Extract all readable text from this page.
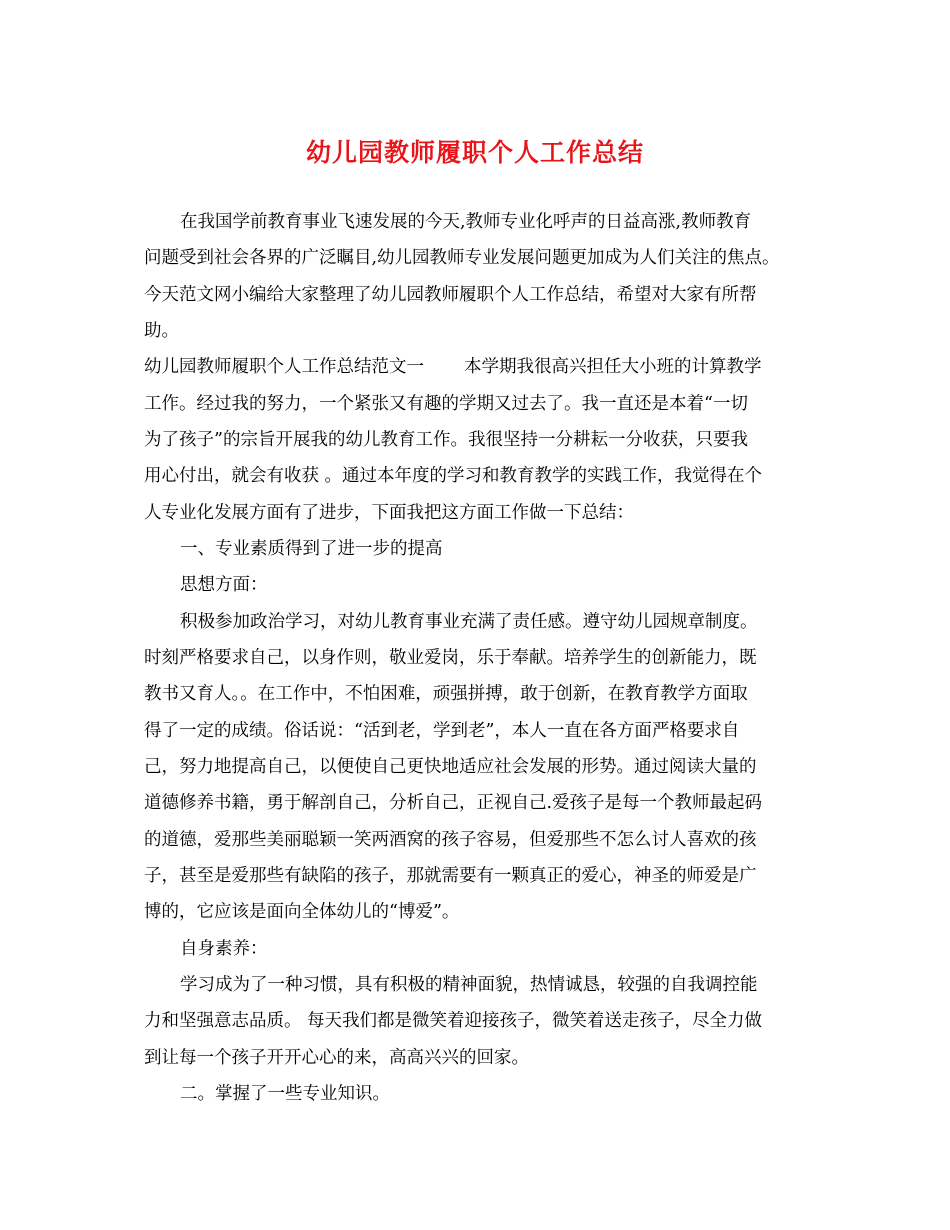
幼儿园教师履职个人工作总结
在我国学前教育事业飞速发展的今天,教师专业化呼声的日益高涨,教师教育
问题受到社会各界的广泛瞩目,幼儿园教师专业发展问题更加成为人们关注的焦点。
今天范文网小编给大家整理了幼儿园教师履职个人工作总结，希望对大家有所帮
助。
幼儿园教师履职个人工作总结范文一 本学期我很高兴担任大小班的计算教学
工作。经过我的努力，一个紧张又有趣的学期又过去了。我一直还是本着“一切
为了孩子”的宗旨开展我的幼儿教育工作。我很坚持一分耕耘一分收获，只要我
用心付出，就会有收获 。通过本年度的学习和教育教学的实践工作，我觉得在个
人专业化发展方面有了进步，下面我把这方面工作做一下总结：
一、专业素质得到了进一步的提高
思想方面：
积极参加政治学习，对幼儿教育事业充满了责任感。遵守幼儿园规章制度。
时刻严格要求自己，以身作则，敬业爱岗，乐于奉献。培养学生的创新能力，既
教书又育人。。在工作中，不怕困难，顽强拼搏，敢于创新，在教育教学方面取
得了一定的成绩。俗话说：“活到老，学到老”，本人一直在各方面严格要求自
己，努力地提高自己，以便使自己更快地适应社会发展的形势。通过阅读大量的
道德修养书籍，勇于解剖自己，分析自己，正视自己.爱孩子是每一个教师最起码
的道德，爱那些美丽聪颖一笑两酒窝的孩子容易，但爱那些不怎么讨人喜欢的孩
子，甚至是爱那些有缺陷的孩子，那就需要有一颗真正的爱心，神圣的师爱是广
博的，它应该是面向全体幼儿的“博爱”。
自身素养：
学习成为了一种习惯，具有积极的精神面貌，热情诚恳，较强的自我调控能
力和坚强意志品质。 每天我们都是微笑着迎接孩子，微笑着送走孩子，尽全力做
到让每一个孩子开开心心的来，高高兴兴的回家。
二。掌握了一些专业知识。
